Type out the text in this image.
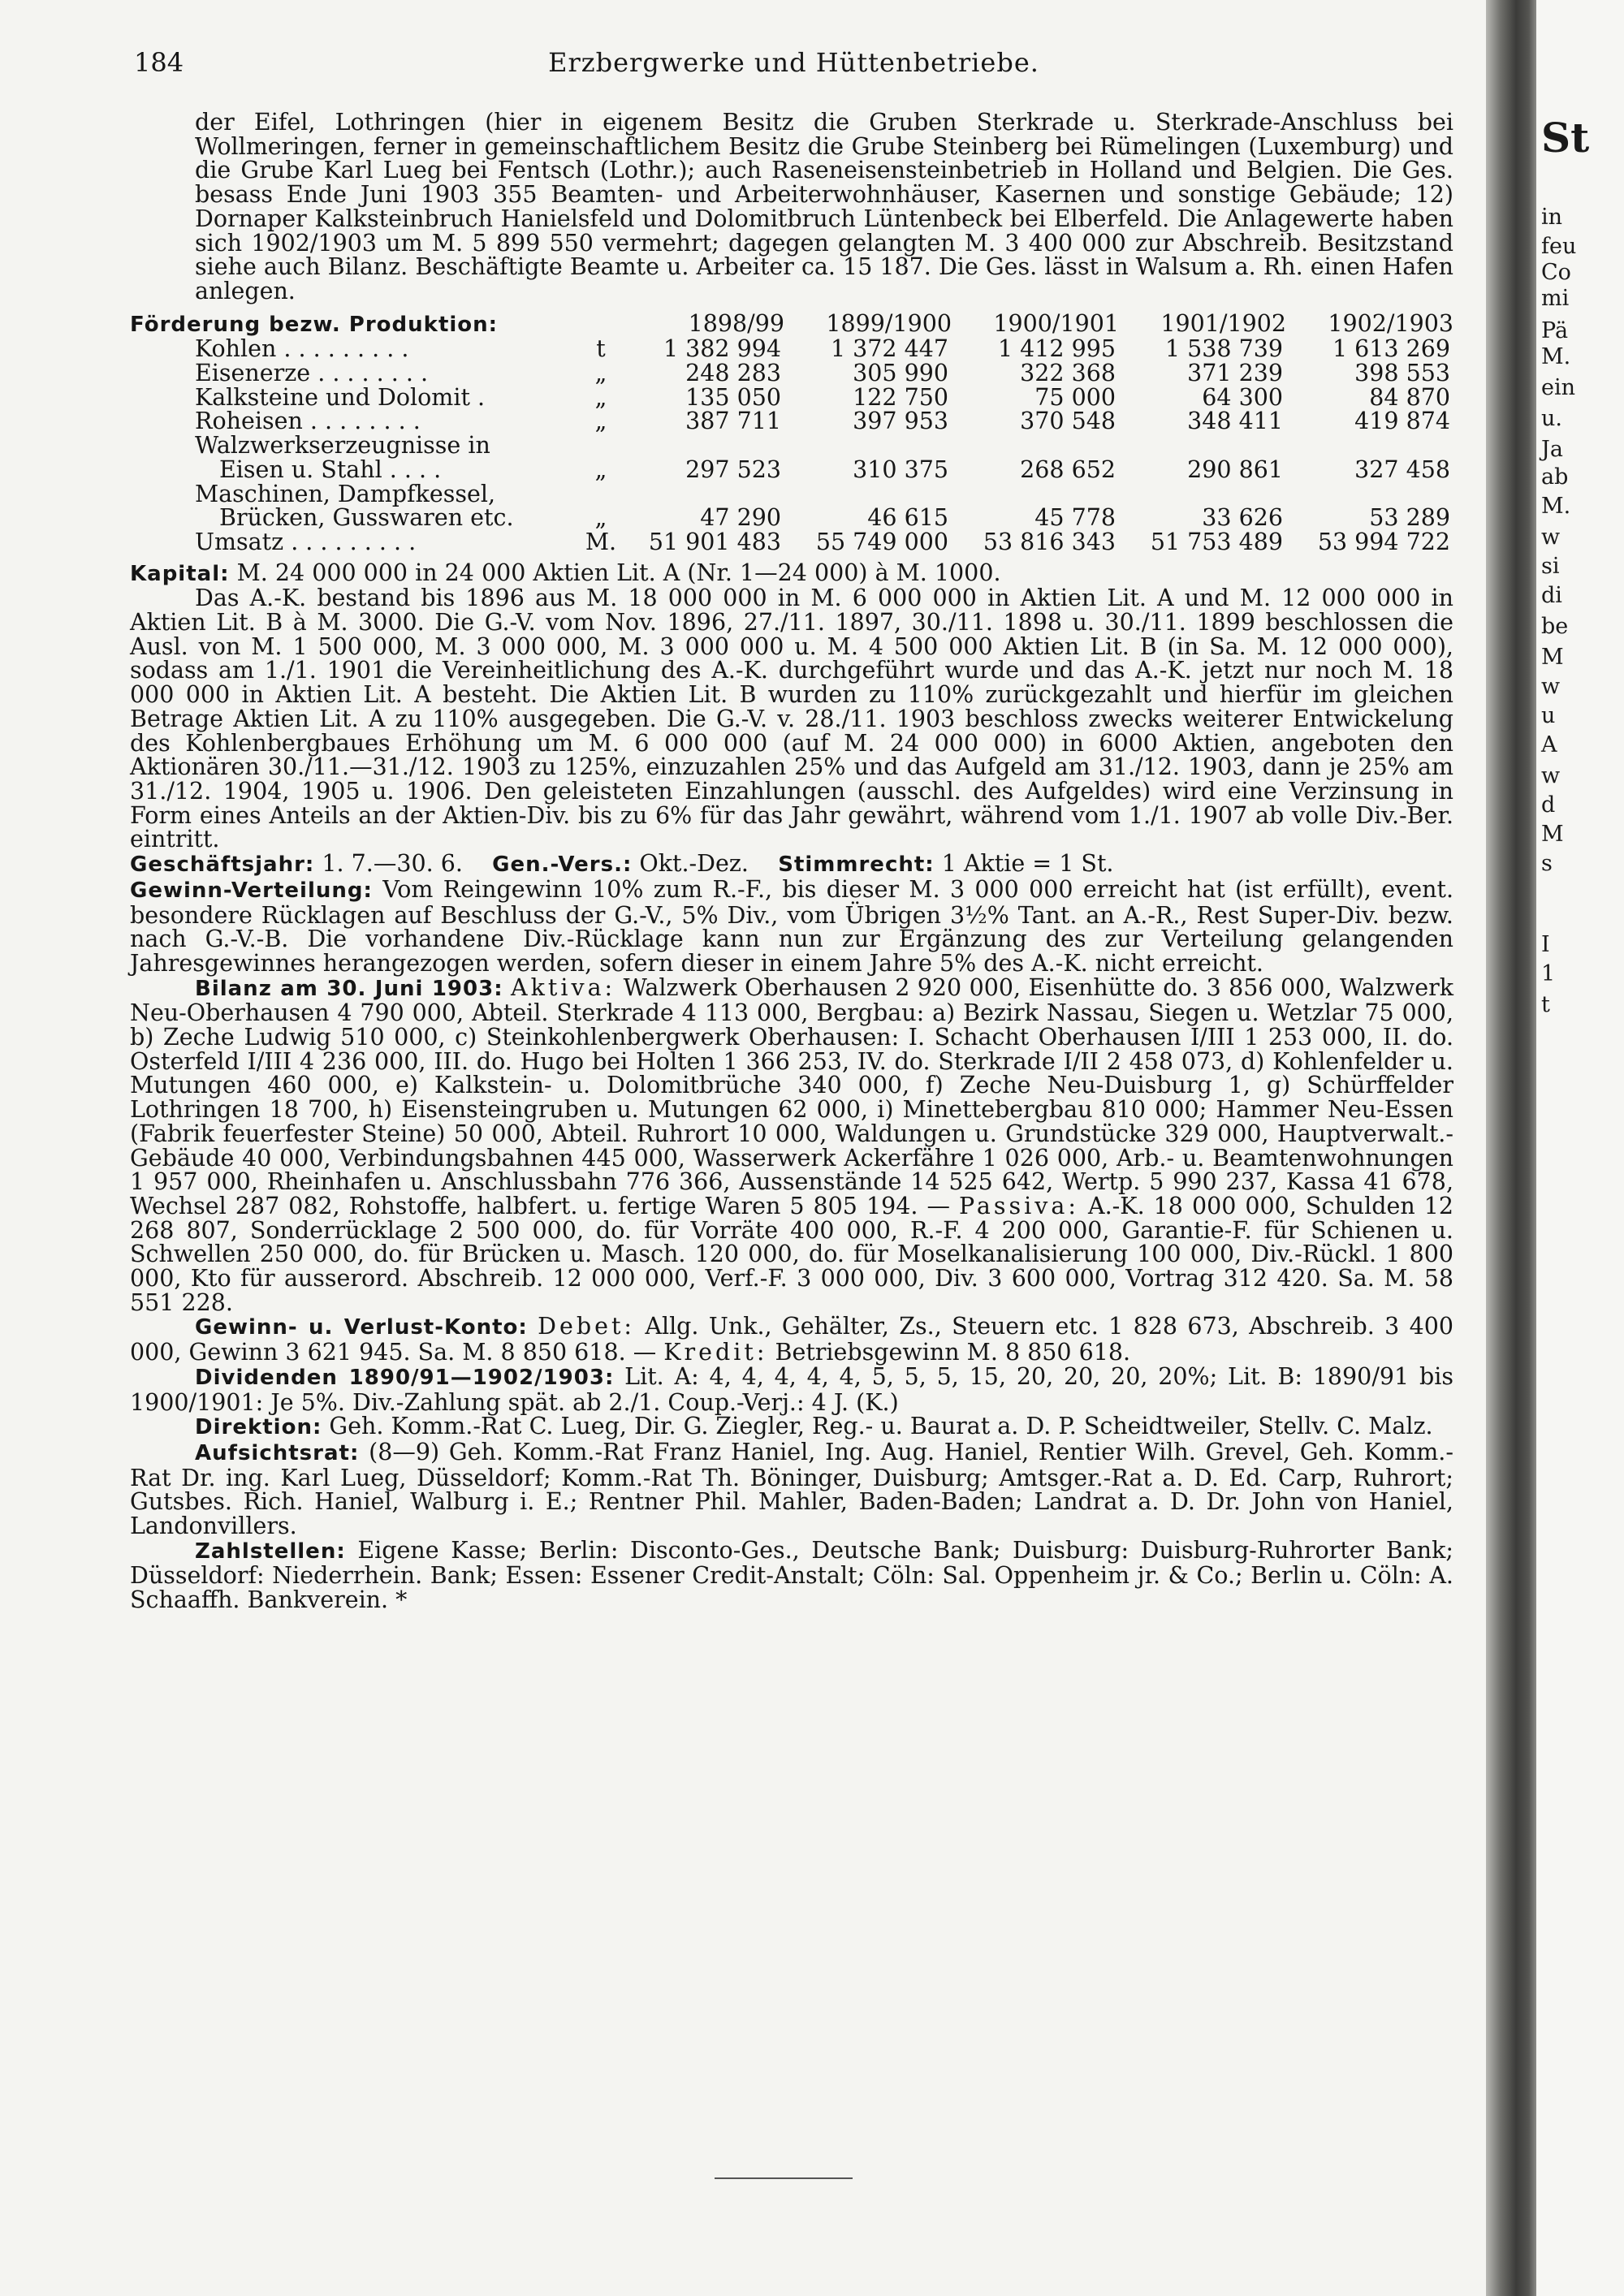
184	Erzbergwerke und Hüttenbetriebe.

der Eifel, Lothringen (hier in eigenem Besitz die Gruben Sterkrade u. Sterkrade-Anschluss bei Wollmeringen, ferner in gemeinschaftlichem Besitz die Grube Steinberg bei Rümelingen (Luxemburg) und die Grube Karl Lueg bei Fentsch (Lothr.); auch Raseneisensteinbetrieb in Holland und Belgien. Die Ges. besass Ende Juni 1903 355 Beamten- und Arbeiterwohnhäuser, Kasernen und sonstige Gebäude; 12) Dornaper Kalksteinbruch Hanielsfeld und Dolomitbruch Lüntenbeck bei Elberfeld. Die Anlagewerte haben sich 1902/1903 um M. 5 899 550 vermehrt; dagegen gelangten M. 3 400 000 zur Abschreib. Besitzstand siehe auch Bilanz. Beschäftigte Beamte u. Arbeiter ca. 15 187. Die Ges. lässt in Walsum a. Rh. einen Hafen anlegen.

Förderung bezw. Produktion:		1898/99	1899/1900	1900/1901	1901/1902	1902/1903
Kohlen . . . . . . . . .	t	1 382 994	1 372 447	1 412 995	1 538 739	1 613 269
Eisenerze . . . . . . . .	„	248 283	305 990	322 368	371 239	398 553
Kalksteine und Dolomit .	„	135 050	122 750	75 000	64 300	84 870
Roheisen . . . . . . . .	„	387 711	397 953	370 548	348 411	419 874
Walzwerkserzeugnisse in						
Eisen u. Stahl . . . .	„	297 523	310 375	268 652	290 861	327 458
Maschinen, Dampfkessel,						
Brücken, Gusswaren etc.	„	47 290	46 615	45 778	33 626	53 289
Umsatz . . . . . . . . .	M.	51 901 483	55 749 000	53 816 343	51 753 489	53 994 722

Kapital: M. 24 000 000 in 24 000 Aktien Lit. A (Nr. 1—24 000) à M. 1000.

Das A.-K. bestand bis 1896 aus M. 18 000 000 in M. 6 000 000 in Aktien Lit. A und M. 12 000 000 in Aktien Lit. B à M. 3000. Die G.-V. vom Nov. 1896, 27./11. 1897, 30./11. 1898 u. 30./11. 1899 beschlossen die Ausl. von M. 1 500 000, M. 3 000 000, M. 3 000 000 u. M. 4 500 000 Aktien Lit. B (in Sa. M. 12 000 000), sodass am 1./1. 1901 die Vereinheitlichung des A.-K. durchgeführt wurde und das A.-K. jetzt nur noch M. 18 000 000 in Aktien Lit. A besteht. Die Aktien Lit. B wurden zu 110% zurückgezahlt und hierfür im gleichen Betrage Aktien Lit. A zu 110% ausgegeben. Die G.-V. v. 28./11. 1903 beschloss zwecks weiterer Entwickelung des Kohlenbergbaues Erhöhung um M. 6 000 000 (auf M. 24 000 000) in 6000 Aktien, angeboten den Aktionären 30./11.—31./12. 1903 zu 125%, einzuzahlen 25% und das Aufgeld am 31./12. 1903, dann je 25% am 31./12. 1904, 1905 u. 1906. Den geleisteten Einzahlungen (ausschl. des Aufgeldes) wird eine Verzinsung in Form eines Anteils an der Aktien-Div. bis zu 6% für das Jahr gewährt, während vom 1./1. 1907 ab volle Div.-Ber. eintritt.

Geschäftsjahr: 1. 7.—30. 6. Gen.-Vers.: Okt.-Dez. Stimmrecht: 1 Aktie = 1 St.

Gewinn-Verteilung: Vom Reingewinn 10% zum R.-F., bis dieser M. 3 000 000 erreicht hat (ist erfüllt), event. besondere Rücklagen auf Beschluss der G.-V., 5% Div., vom Übrigen 3½% Tant. an A.-R., Rest Super-Div. bezw. nach G.-V.-B. Die vorhandene Div.-Rücklage kann nun zur Ergänzung des zur Verteilung gelangenden Jahresgewinnes herangezogen werden, sofern dieser in einem Jahre 5% des A.-K. nicht erreicht.

Bilanz am 30. Juni 1903: Aktiva: Walzwerk Oberhausen 2 920 000, Eisenhütte do. 3 856 000, Walzwerk Neu-Oberhausen 4 790 000, Abteil. Sterkrade 4 113 000, Bergbau: a) Bezirk Nassau, Siegen u. Wetzlar 75 000, b) Zeche Ludwig 510 000, c) Steinkohlenbergwerk Oberhausen: I. Schacht Oberhausen I/III 1 253 000, II. do. Osterfeld I/III 4 236 000, III. do. Hugo bei Holten 1 366 253, IV. do. Sterkrade I/II 2 458 073, d) Kohlenfelder u. Mutungen 460 000, e) Kalkstein- u. Dolomitbrüche 340 000, f) Zeche Neu-Duisburg 1, g) Schürffelder Lothringen 18 700, h) Eisensteingruben u. Mutungen 62 000, i) Minettebergbau 810 000; Hammer Neu-Essen (Fabrik feuerfester Steine) 50 000, Abteil. Ruhrort 10 000, Waldungen u. Grundstücke 329 000, Hauptverwalt.-Gebäude 40 000, Verbindungsbahnen 445 000, Wasserwerk Ackerfähre 1 026 000, Arb.- u. Beamtenwohnungen 1 957 000, Rheinhafen u. Anschlussbahn 776 366, Aussenstände 14 525 642, Wertp. 5 990 237, Kassa 41 678, Wechsel 287 082, Rohstoffe, halbfert. u. fertige Waren 5 805 194. — Passiva: A.-K. 18 000 000, Schulden 12 268 807, Sonderrücklage 2 500 000, do. für Vorräte 400 000, R.-F. 4 200 000, Garantie-F. für Schienen u. Schwellen 250 000, do. für Brücken u. Masch. 120 000, do. für Moselkanalisierung 100 000, Div.-Rückl. 1 800 000, Kto für ausserord. Abschreib. 12 000 000, Verf.-F. 3 000 000, Div. 3 600 000, Vortrag 312 420. Sa. M. 58 551 228.

Gewinn- u. Verlust-Konto: Debet: Allg. Unk., Gehälter, Zs., Steuern etc. 1 828 673, Abschreib. 3 400 000, Gewinn 3 621 945. Sa. M. 8 850 618. — Kredit: Betriebsgewinn M. 8 850 618.

Dividenden 1890/91—1902/1903: Lit. A: 4, 4, 4, 4, 4, 5, 5, 5, 15, 20, 20, 20, 20%; Lit. B: 1890/91 bis 1900/1901: Je 5%. Div.-Zahlung spät. ab 2./1. Coup.-Verj.: 4 J. (K.)

Direktion: Geh. Komm.-Rat C. Lueg, Dir. G. Ziegler, Reg.- u. Baurat a. D. P. Scheidtweiler, Stellv. C. Malz.

Aufsichtsrat: (8—9) Geh. Komm.-Rat Franz Haniel, Ing. Aug. Haniel, Rentier Wilh. Grevel, Geh. Komm.-Rat Dr. ing. Karl Lueg, Düsseldorf; Komm.-Rat Th. Böninger, Duisburg; Amtsger.-Rat a. D. Ed. Carp, Ruhrort; Gutsbes. Rich. Haniel, Walburg i. E.; Rentner Phil. Mahler, Baden-Baden; Landrat a. D. Dr. John von Haniel, Landonvillers.

Zahlstellen: Eigene Kasse; Berlin: Disconto-Ges., Deutsche Bank; Duisburg: Duisburg-Ruhrorter Bank; Düsseldorf: Niederrhein. Bank; Essen: Essener Credit-Anstalt; Cöln: Sal. Oppenheim jr. & Co.; Berlin u. Cöln: A. Schaaffh. Bankverein. *

St
in
feu
Co
mi
Pä
M.
ein
u.
Ja
ab
M.
w
si
di
be
M
w
u
A
w
d
M
s
I
1
t
